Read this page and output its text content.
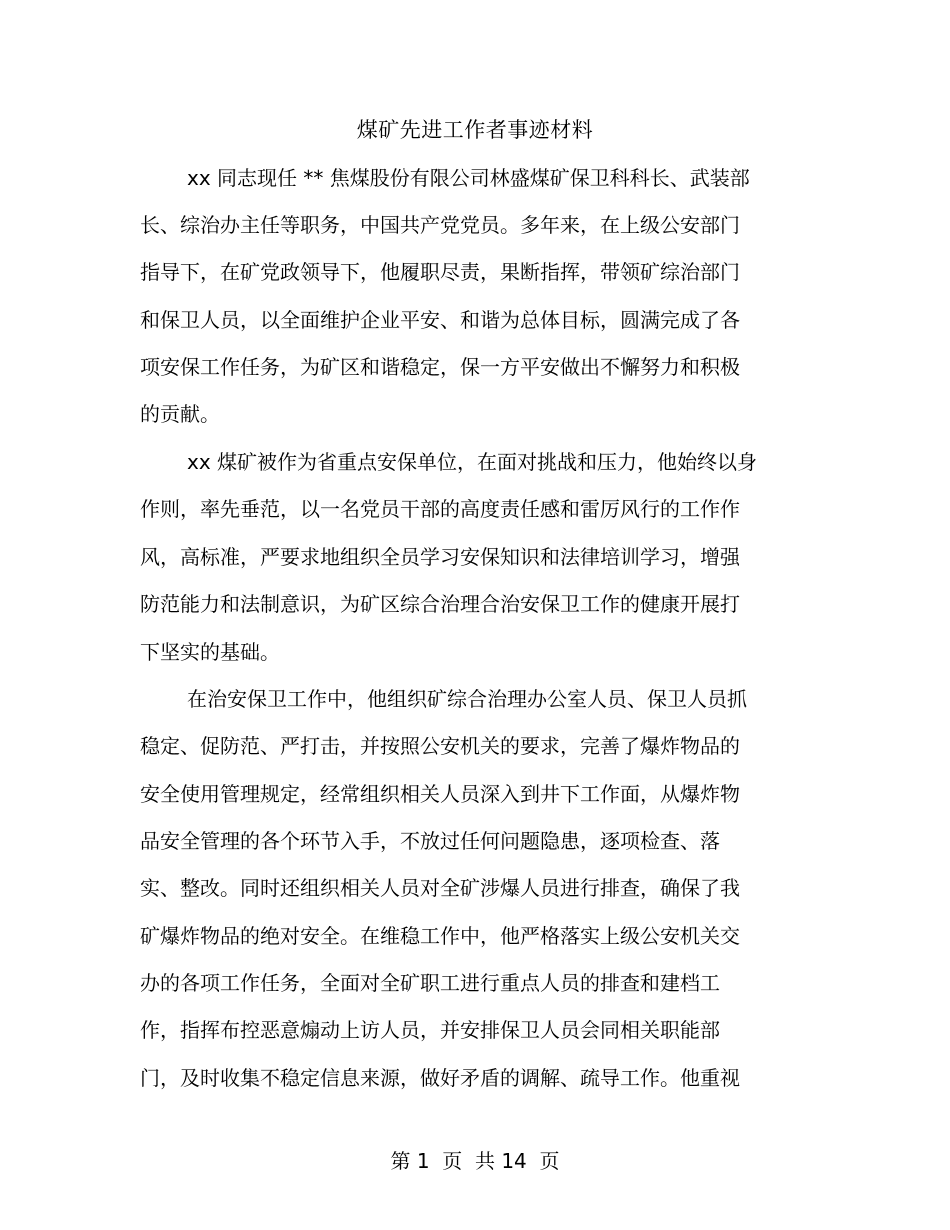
煤矿先进工作者事迹材料
xx 同志现任 ** 焦煤股份有限公司林盛煤矿保卫科科长、武装部
长、综治办主任等职务，中国共产党党员。多年来，在上级公安部门
指导下，在矿党政领导下，他履职尽责，果断指挥，带领矿综治部门
和保卫人员，以全面维护企业平安、和谐为总体目标，圆满完成了各
项安保工作任务，为矿区和谐稳定，保一方平安做出不懈努力和积极
的贡献。
xx 煤矿被作为省重点安保单位，在面对挑战和压力，他始终以身
作则，率先垂范，以一名党员干部的高度责任感和雷厉风行的工作作
风，高标准，严要求地组织全员学习安保知识和法律培训学习，增强
防范能力和法制意识，为矿区综合治理合治安保卫工作的健康开展打
下坚实的基础。
在治安保卫工作中，他组织矿综合治理办公室人员、保卫人员抓
稳定、促防范、严打击，并按照公安机关的要求，完善了爆炸物品的
安全使用管理规定，经常组织相关人员深入到井下工作面，从爆炸物
品安全管理的各个环节入手，不放过任何问题隐患，逐项检查、落
实、整改。同时还组织相关人员对全矿涉爆人员进行排查，确保了我
矿爆炸物品的绝对安全。在维稳工作中，他严格落实上级公安机关交
办的各项工作任务，全面对全矿职工进行重点人员的排查和建档工
作，指挥布控恶意煽动上访人员，并安排保卫人员会同相关职能部
门，及时收集不稳定信息来源，做好矛盾的调解、疏导工作。他重视
第 1  页  共 14  页
